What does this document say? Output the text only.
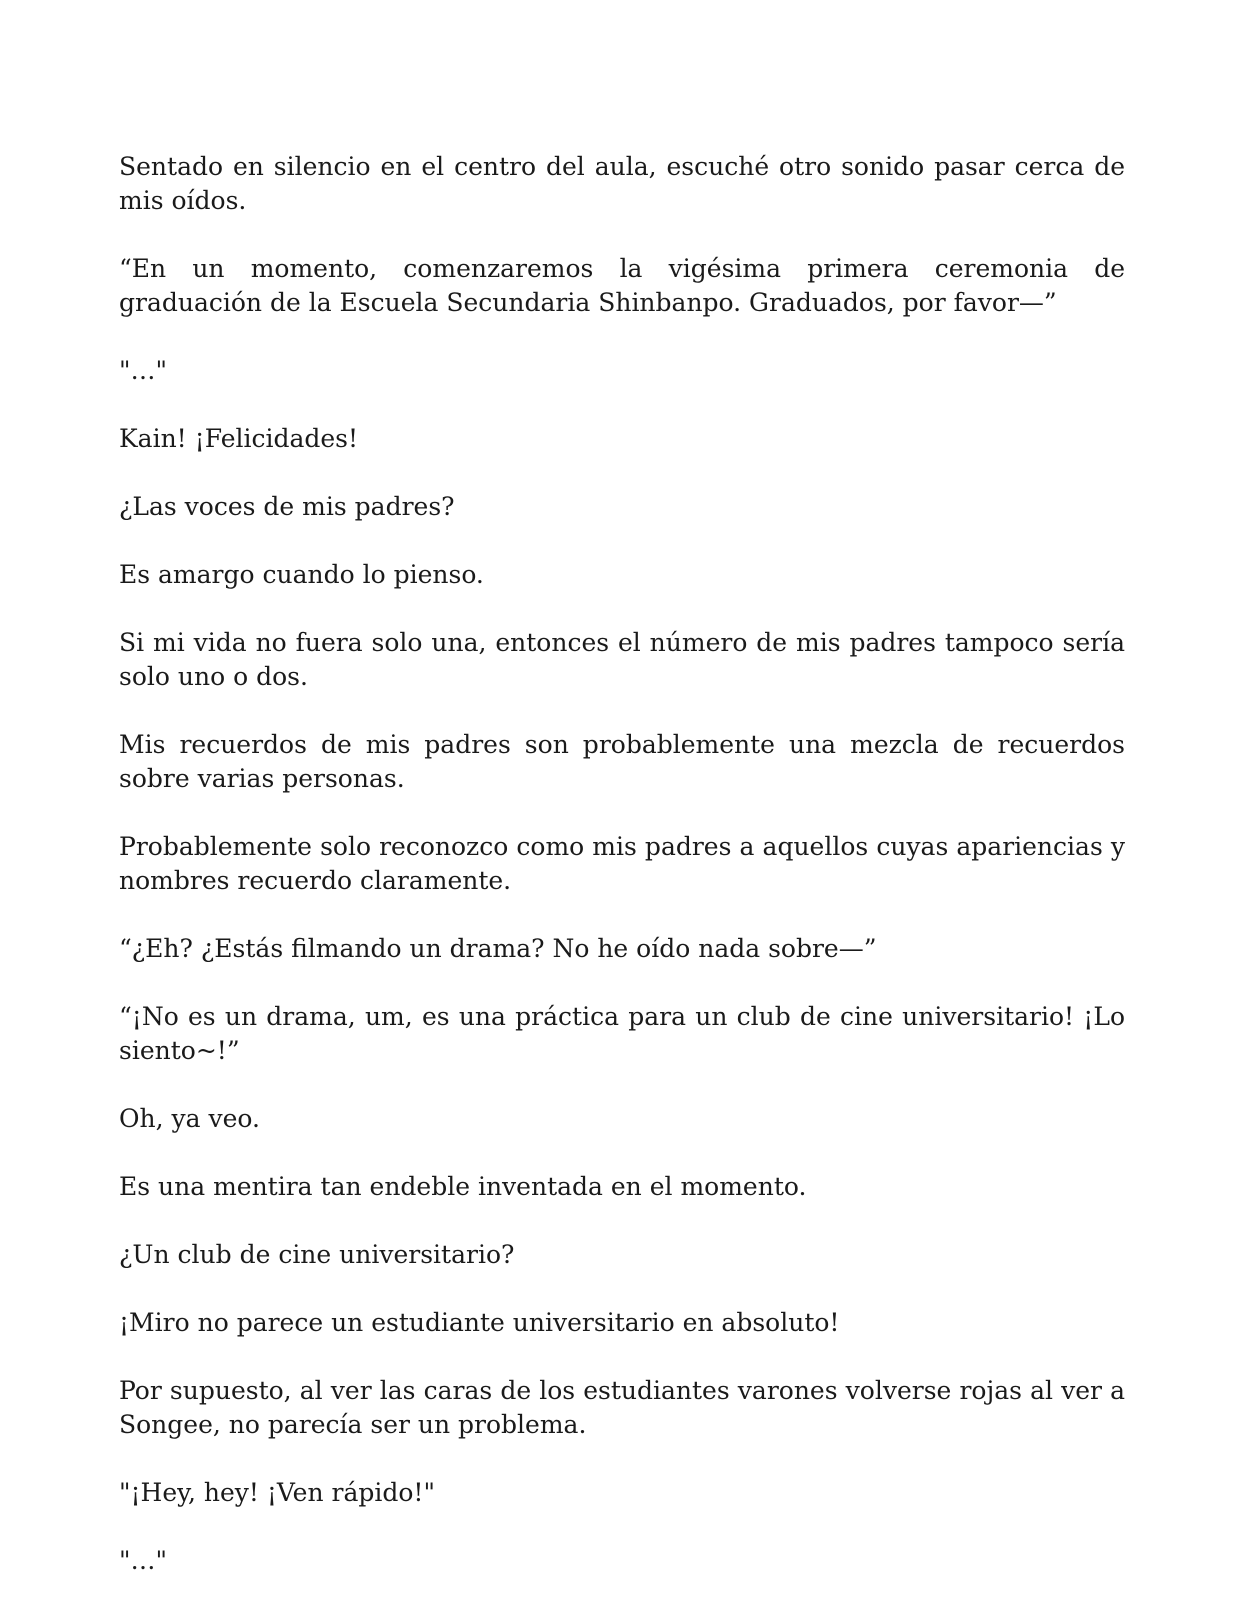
Sentado en silencio en el centro del aula, escuché otro sonido pasar cerca de mis oídos.

“En un momento, comenzaremos la vigésima primera ceremonia de graduación de la Escuela Secundaria Shinbanpo. Graduados, por favor—”

"…"

Kain! ¡Felicidades!

¿Las voces de mis padres?

Es amargo cuando lo pienso.

Si mi vida no fuera solo una, entonces el número de mis padres tampoco sería solo uno o dos.

Mis recuerdos de mis padres son probablemente una mezcla de recuerdos sobre varias personas.

Probablemente solo reconozco como mis padres a aquellos cuyas apariencias y nombres recuerdo claramente.

“¿Eh? ¿Estás filmando un drama? No he oído nada sobre—”

“¡No es un drama, um, es una práctica para un club de cine universitario! ¡Lo siento~!”

Oh, ya veo.

Es una mentira tan endeble inventada en el momento.

¿Un club de cine universitario?

¡Miro no parece un estudiante universitario en absoluto!

Por supuesto, al ver las caras de los estudiantes varones volverse rojas al ver a Songee, no parecía ser un problema.

"¡Hey, hey! ¡Ven rápido!"

"…"
